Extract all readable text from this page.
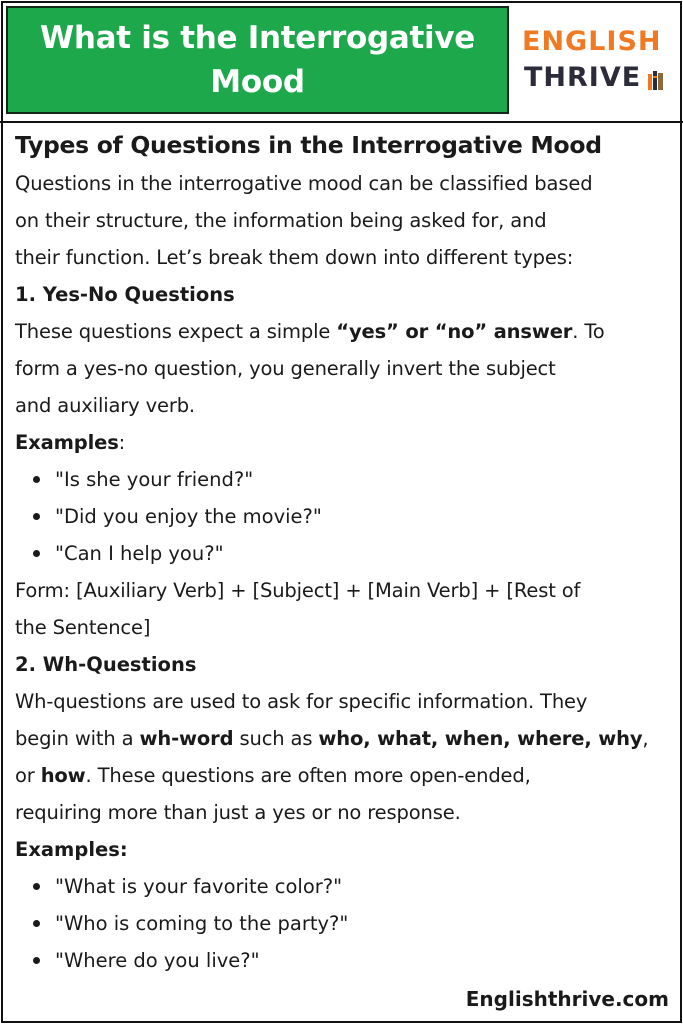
What is the Interrogative
Mood
ENGLISH
THRIVE
Types of Questions in the Interrogative Mood

Questions in the interrogative mood can be classified based
on their structure, the information being asked for, and
their function. Let’s break them down into different types:

1. Yes-No Questions

These questions expect a simple “yes” or “no” answer. To
form a yes-no question, you generally invert the subject
and auxiliary verb.

Examples:

"Is she your friend?"
"Did you enjoy the movie?"
"Can I help you?"

Form: [Auxiliary Verb] + [Subject] + [Main Verb] + [Rest of
the Sentence]

2. Wh-Questions

Wh-questions are used to ask for specific information. They
begin with a wh-word such as who, what, when, where, why,
or how. These questions are often more open-ended,
requiring more than just a yes or no response.

Examples:

"What is your favorite color?"
"Who is coming to the party?"
"Where do you live?"
Englishthrive.com
